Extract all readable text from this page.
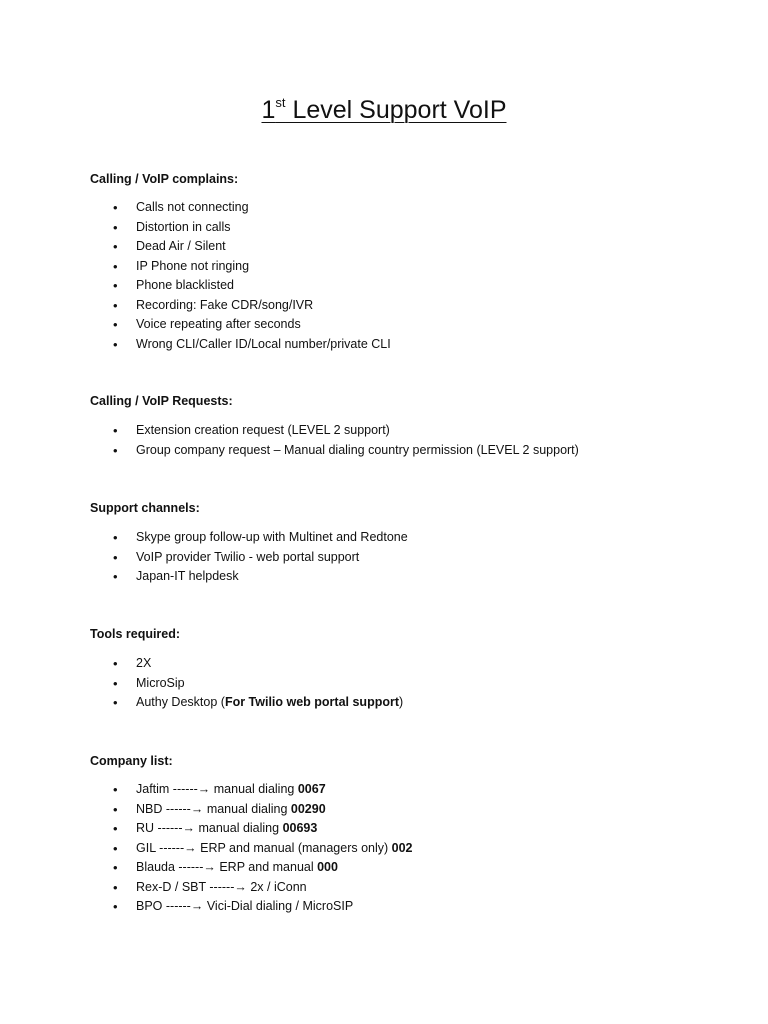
1st Level Support VoIP
Calling / VoIP complains:
• Calls not connecting
• Distortion in calls
• Dead Air / Silent
• IP Phone not ringing
• Phone blacklisted
• Recording: Fake CDR/song/IVR
• Voice repeating after seconds
• Wrong CLI/Caller ID/Local number/private CLI
Calling / VoIP Requests:
• Extension creation request (LEVEL 2 support)
• Group company request – Manual dialing country permission (LEVEL 2 support)
Support channels:
• Skype group follow-up with Multinet and Redtone
• VoIP provider Twilio - web portal support
• Japan-IT helpdesk
Tools required:
• 2X
• MicroSip
• Authy Desktop (For Twilio web portal support)
Company list:
• Jaftim ------→ manual dialing 0067
• NBD ------→ manual dialing 00290
• RU ------→ manual dialing 00693
• GIL ------→ ERP and manual (managers only) 002
• Blauda ------→ ERP and manual 000
• Rex-D / SBT ------→ 2x / iConn
• BPO ------→ Vici-Dial dialing / MicroSIP
